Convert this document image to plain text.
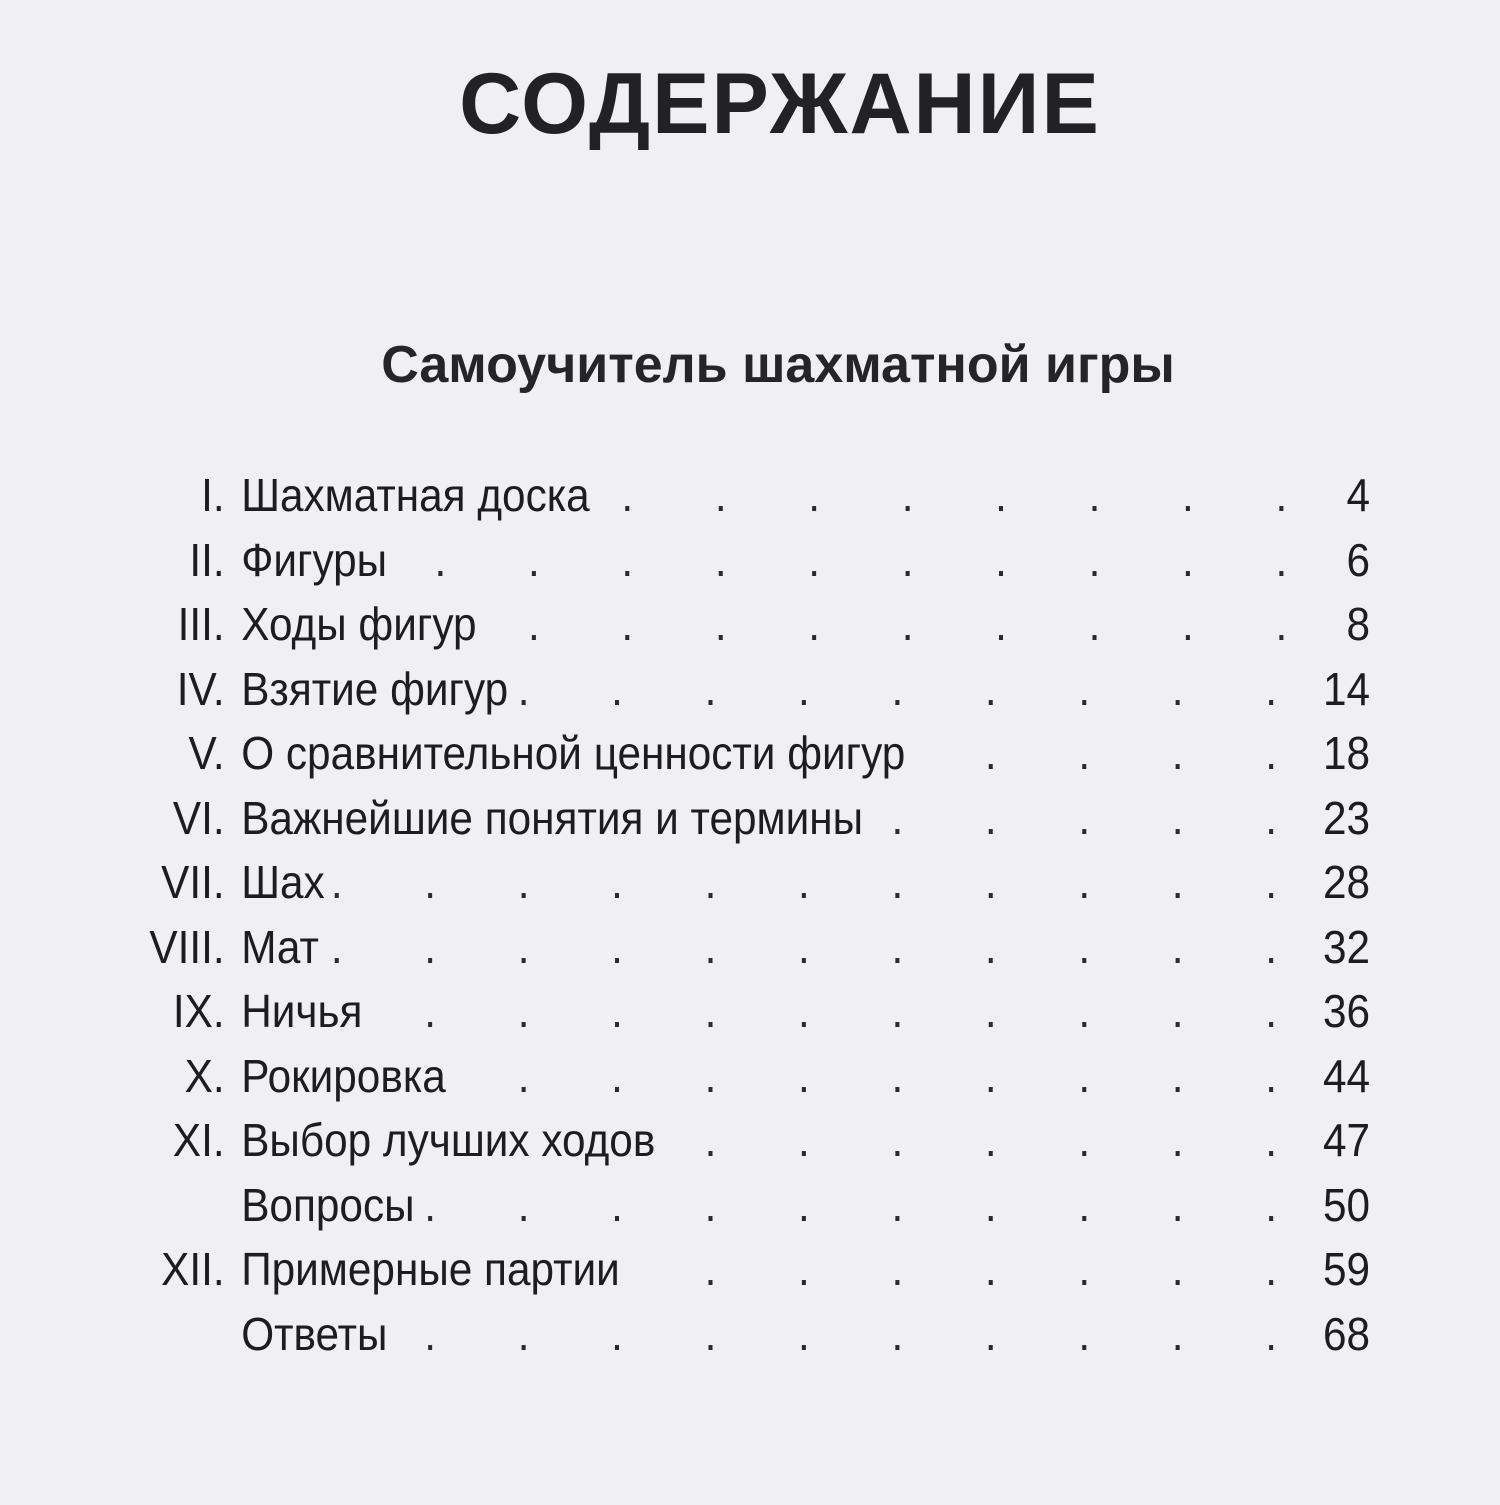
СОДЕРЖАНИЕ
Самоучитель шахматной игры
I. Шахматная доска . . .	4
II. Фигуры . . .	6
III. Ходы фигур . . .	8
IV. Взятие фигур . . .	14
V. О сравнительной ценности фигур . . .	18
VI. Важнейшие понятия и термины . . .	23
VII. Шах . . .	28
VIII. Мат . . .	32
IX. Ничья . . .	36
X. Рокировка . . .	44
XI. Выбор лучших ходов . . .	47
Вопросы . . .	50
XII. Примерные партии . . .	59
Ответы . . .	68
